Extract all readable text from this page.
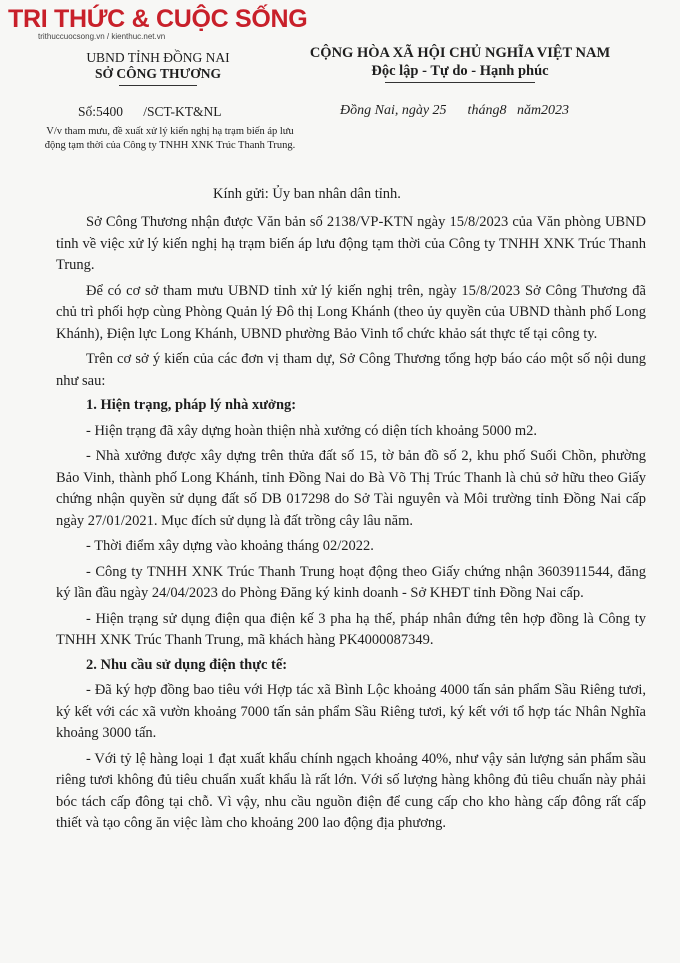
TRI THỨC & CUỘC SỐNG
trithuccuocsong.vn / kienthuc.net.vn
UBND TỈNH ĐỒNG NAI
SỞ CÔNG THƯƠNG
CỘNG HÒA XÃ HỘI CHỦ NGHĨA VIỆT NAM
Độc lập - Tự do - Hạnh phúc
Số:5400      /SCT-KT&NL	Đồng Nai, ngày 25      tháng8   năm2023
V/v tham mưu, đề xuất xử lý kiến nghị hạ trạm biến áp lưu động tạm thời của Công ty TNHH XNK Trúc Thanh Trung.
Kính gửi: Ủy ban nhân dân tỉnh.

Sở Công Thương nhận được Văn bản số 2138/VP-KTN ngày 15/8/2023 của Văn phòng UBND tỉnh về việc xử lý kiến nghị hạ trạm biến áp lưu động tạm thời của Công ty TNHH XNK Trúc Thanh Trung.

Để có cơ sở tham mưu UBND tỉnh xử lý kiến nghị trên, ngày 15/8/2023 Sở Công Thương đã chủ trì phối hợp cùng Phòng Quản lý Đô thị Long Khánh (theo ủy quyền của UBND thành phố Long Khánh), Điện lực Long Khánh, UBND phường Bảo Vinh tổ chức khảo sát thực tế tại công ty.

Trên cơ sở ý kiến của các đơn vị tham dự, Sở Công Thương tổng hợp báo cáo một số nội dung như sau:

1. Hiện trạng, pháp lý nhà xưởng:

- Hiện trạng đã xây dựng hoàn thiện nhà xưởng có diện tích khoảng 5000 m2.

- Nhà xưởng được xây dựng trên thửa đất số 15, tờ bản đồ số 2, khu phố Suối Chồn, phường Bảo Vinh, thành phố Long Khánh, tỉnh Đồng Nai do Bà Võ Thị Trúc Thanh là chủ sở hữu theo Giấy chứng nhận quyền sử dụng đất số DB 017298 do Sở Tài nguyên và Môi trường tỉnh Đồng Nai cấp ngày 27/01/2021. Mục đích sử dụng là đất trồng cây lâu năm.

- Thời điểm xây dựng vào khoảng tháng 02/2022.

- Công ty TNHH XNK Trúc Thanh Trung hoạt động theo Giấy chứng nhận 3603911544, đăng ký lần đầu ngày 24/04/2023 do Phòng Đăng ký kinh doanh - Sở KHĐT tỉnh Đồng Nai cấp.

- Hiện trạng sử dụng điện qua điện kế 3 pha hạ thế, pháp nhân đứng tên hợp đồng là Công ty TNHH XNK Trúc Thanh Trung, mã khách hàng PK4000087349.

2. Nhu cầu sử dụng điện thực tế:

- Đã ký hợp đồng bao tiêu với Hợp tác xã Bình Lộc khoảng 4000 tấn sản phẩm Sầu Riêng tươi, ký kết với các xã vườn khoảng 7000 tấn sản phẩm Sầu Riêng tươi, ký kết với tổ hợp tác Nhân Nghĩa khoảng 3000 tấn.

- Với tỷ lệ hàng loại 1 đạt xuất khẩu chính ngạch khoảng 40%, như vậy sản lượng sản phẩm sầu riêng tươi không đủ tiêu chuẩn xuất khẩu là rất lớn. Với số lượng hàng không đủ tiêu chuẩn này phải bóc tách cấp đông tại chỗ. Vì vậy, nhu cầu nguồn điện để cung cấp cho kho hàng cấp đông rất cấp thiết và tạo công ăn việc làm cho khoảng 200 lao động địa phương.
